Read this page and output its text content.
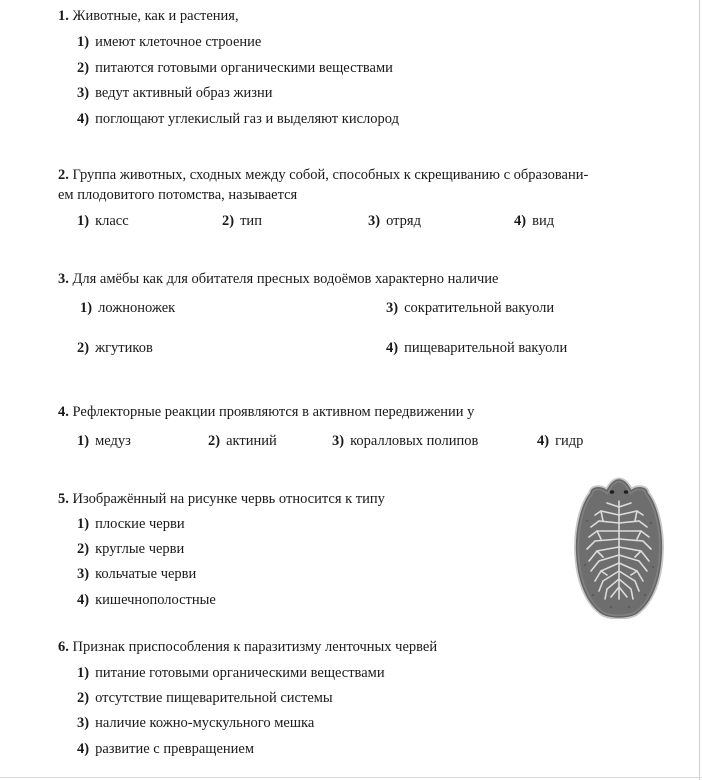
1. Животные, как и растения,
1) имеют клеточное строение
2) питаются готовыми органическими веществами
3) ведут активный образ жизни
4) поглощают углекислый газ и выделяют кислород
2. Группа животных, сходных между собой, способных к скрещиванию с образовани-
ем плодовитого потомства, называется
1) класс	2) тип	3) отряд	4) вид
3. Для амёбы как для обитателя пресных водоёмов характерно наличие
1) ложноножек	3) сократительной вакуоли
2) жгутиков	4) пищеварительной вакуоли
4. Рефлекторные реакции проявляются в активном передвижении у
1) медуз	2) актиний	3) коралловых полипов	4) гидр
5. Изображённый на рисунке червь относится к типу
1) плоские черви
2) круглые черви
3) кольчатые черви
4) кишечнополостные
6. Признак приспособления к паразитизму ленточных червей
1) питание готовыми органическими веществами
2) отсутствие пищеварительной системы
3) наличие кожно-мускульного мешка
4) развитие с превращением
